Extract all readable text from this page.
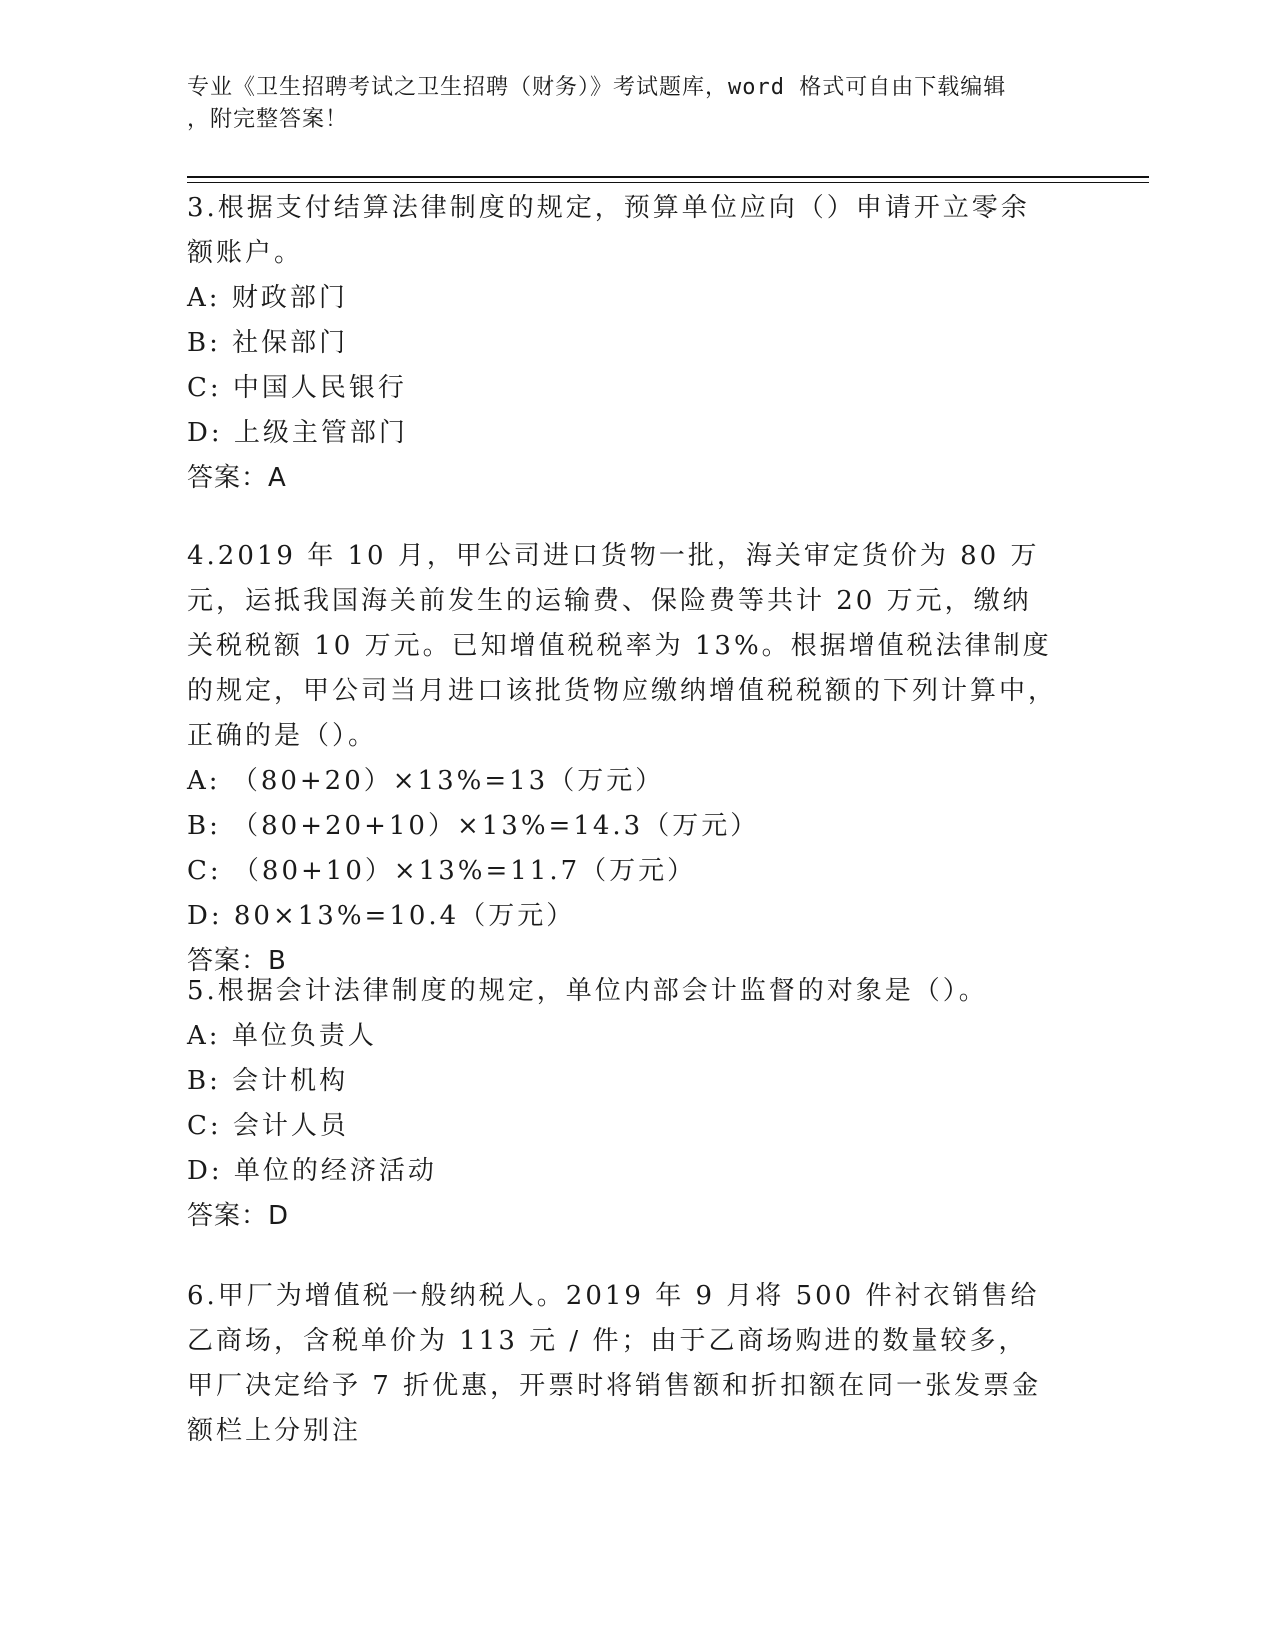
专业《卫生招聘考试之卫生招聘（财务）》考试题库，word 格式可自由下载编辑
，附完整答案！
3.根据支付结算法律制度的规定，预算单位应向（）申请开立零余额账户。
A: 财政部门
B: 社保部门
C: 中国人民银行
D: 上级主管部门
答案：A
4.2019 年 10 月，甲公司进口货物一批，海关审定货价为 80 万元，运抵我国海关前发生的运输费、保险费等共计 20 万元，缴纳关税税额 10 万元。已知增值税税率为 13%。根据增值税法律制度的规定，甲公司当月进口该批货物应缴纳增值税税额的下列计算中，正确的是（）。
A: （80+20）×13%=13（万元）
B: （80+20+10）×13%=14.3（万元）
C: （80+10）×13%=11.7（万元）
D: 80×13%=10.4（万元）
答案：B
5.根据会计法律制度的规定，单位内部会计监督的对象是（）。
A: 单位负责人
B: 会计机构
C: 会计人员
D: 单位的经济活动
答案：D
6.甲厂为增值税一般纳税人。2019 年 9 月将 500 件衬衣销售给乙商场，含税单价为 113 元 / 件；由于乙商场购进的数量较多，甲厂决定给予 7 折优惠，开票时将销售额和折扣额在同一张发票金额栏上分别注
